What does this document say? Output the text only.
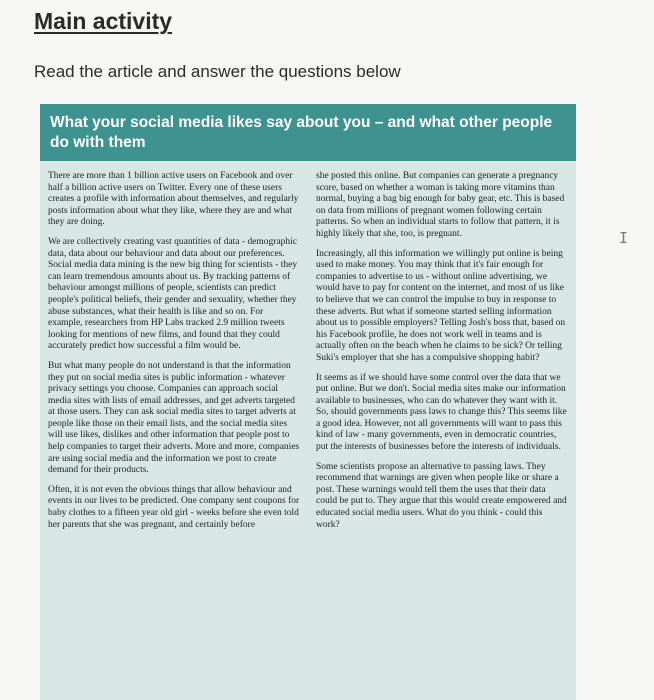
Main activity

Read the article and answer the questions below

What your social media likes say about you – and what other people do with them

There are more than 1 billion active users on Facebook and over half a billion active users on Twitter. Every one of these users creates a profile with information about themselves, and regularly posts information about what they like, where they are and what they are doing.

We are collectively creating vast quantities of data - demographic data, data about our behaviour and data about our preferences. Social media data mining is the new big thing for scientists - they can learn tremendous amounts about us. By tracking patterns of behaviour amongst millions of people, scientists can predict people's political beliefs, their gender and sexuality, whether they abuse substances, what their health is like and so on. For example, researchers from HP Labs tracked 2.9 million tweets looking for mentions of new films, and found that they could accurately predict how successful a film would be.

But what many people do not understand is that the information they put on social media sites is public information - whatever privacy settings you choose. Companies can approach social media sites with lists of email addresses, and get adverts targeted at those users. They can ask social media sites to target adverts at people like those on their email lists, and the social media sites will use likes, dislikes and other information that people post to help companies to target their adverts. More and more, companies are using social media and the information we post to create demand for their products.

Often, it is not even the obvious things that allow behaviour and events in our lives to be predicted. One company sent coupons for baby clothes to a fifteen year old girl - weeks before she even told her parents that she was pregnant, and certainly before

she posted this online. But companies can generate a pregnancy score, based on whether a woman is taking more vitamins than normal, buying a bag big enough for baby gear, etc. This is based on data from millions of pregnant women following certain patterns. So when an individual starts to follow that pattern, it is highly likely that she, too, is pregnant.

Increasingly, all this information we willingly put online is being used to make money. You may think that it's fair enough for companies to advertise to us - without online advertising, we would have to pay for content on the internet, and most of us like to believe that we can control the impulse to buy in response to these adverts. But what if someone started selling information about us to possible employers? Telling Josh's boss that, based on his Facebook profile, he does not work well in teams and is actually often on the beach when he claims to be sick? Or telling Suki's employer that she has a compulsive shopping habit?

It seems as if we should have some control over the data that we put online. But we don't. Social media sites make our information available to businesses, who can do whatever they want with it. So, should governments pass laws to change this? This seems like a good idea. However, not all governments will want to pass this kind of law - many governments, even in democratic countries, put the interests of businesses before the interests of individuals.

Some scientists propose an alternative to passing laws. They recommend that warnings are given when people like or share a post. These warnings would tell them the uses that their data could be put to. They argue that this would create empowered and educated social media users. What do you think - could this work?

I
